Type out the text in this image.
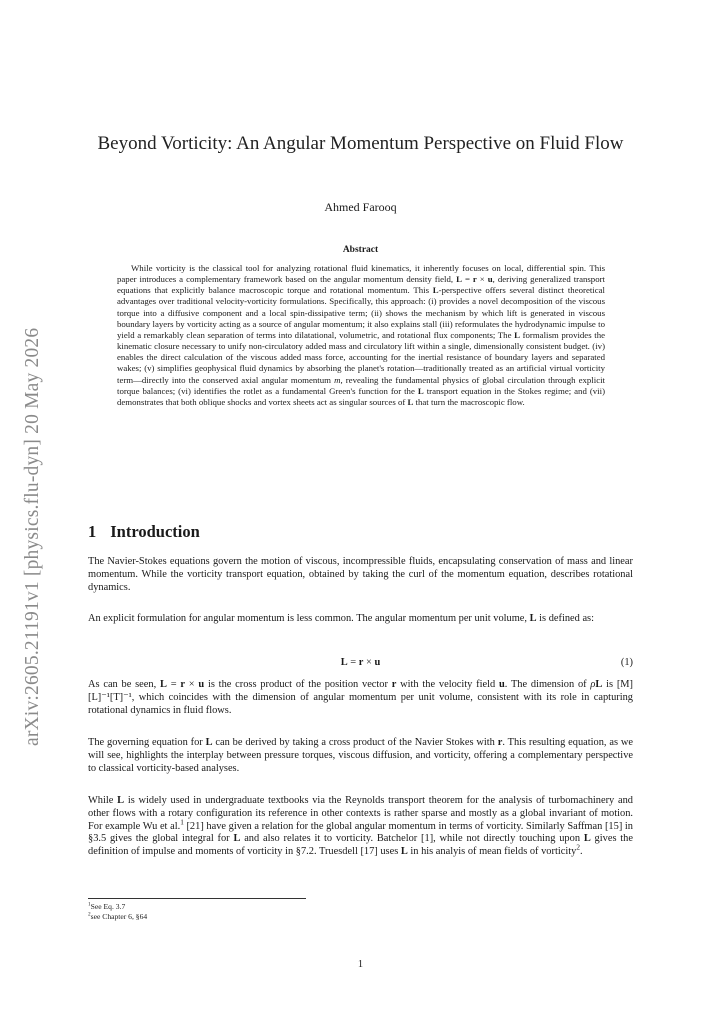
arXiv:2605.21191v1 [physics.flu-dyn] 20 May 2026
Beyond Vorticity: An Angular Momentum Perspective on Fluid Flow
Ahmed Farooq
Abstract

While vorticity is the classical tool for analyzing rotational fluid kinematics, it inherently focuses on local, differential spin. This paper introduces a complementary framework based on the angular momentum density field, L = r × u, deriving generalized transport equations that explicitly balance macroscopic torque and rotational momentum. This L-perspective offers several distinct theoretical advantages over traditional velocity-vorticity formulations. Specifically, this approach: (i) provides a novel decomposition of the viscous torque into a diffusive component and a local spin-dissipative term; (ii) shows the mechanism by which lift is generated in viscous boundary layers by vorticity acting as a source of angular momentum; it also explains stall (iii) reformulates the hydrodynamic impulse to yield a remarkably clean separation of terms into dilatational, volumetric, and rotational flux components; The L formalism provides the kinematic closure necessary to unify non-circulatory added mass and circulatory lift within a single, dimensionally consistent budget. (iv) enables the direct calculation of the viscous added mass force, accounting for the inertial resistance of boundary layers and separated wakes; (v) simplifies geophysical fluid dynamics by absorbing the planet's rotation—traditionally treated as an artificial virtual vorticity term—directly into the conserved axial angular momentum m, revealing the fundamental physics of global circulation through explicit torque balances; (vi) identifies the rotlet as a fundamental Green's function for the L transport equation in the Stokes regime; and (vii) demonstrates that both oblique shocks and vortex sheets act as singular sources of L that turn the macroscopic flow.

1 Introduction

The Navier-Stokes equations govern the motion of viscous, incompressible fluids, encapsulating conservation of mass and linear momentum. While the vorticity transport equation, obtained by taking the curl of the momentum equation, describes rotational dynamics.

An explicit formulation for angular momentum is less common. The angular momentum per unit volume, L is defined as:

L = r × u	(1)

As can be seen, L = r × u is the cross product of the position vector r with the velocity field u. The dimension of ρL is [M][L]⁻¹[T]⁻¹, which coincides with the dimension of angular momentum per unit volume, consistent with its role in capturing rotational dynamics in fluid flows.

The governing equation for L can be derived by taking a cross product of the Navier Stokes with r. This resulting equation, as we will see, highlights the interplay between pressure torques, viscous diffusion, and vorticity, offering a complementary perspective to classical vorticity-based analyses.

While L is widely used in undergraduate textbooks via the Reynolds transport theorem for the analysis of turbomachinery and other flows with a rotary configuration its reference in other contexts is rather sparse and mostly as a global invariant of motion. For example Wu et al.$^1$ [21] have given a relation for the global angular momentum in terms of vorticity. Similarly Saffman [15] in §3.5 gives the global integral for L and also relates it to vorticity. Batchelor [1], while not directly touching upon L gives the definition of impulse and moments of vorticity in §7.2. Truesdell [17] uses L in his analyis of mean fields of vorticity$^2$.

$^1$See Eq. 3.7
$^2$see Chapter 6, §64
1
